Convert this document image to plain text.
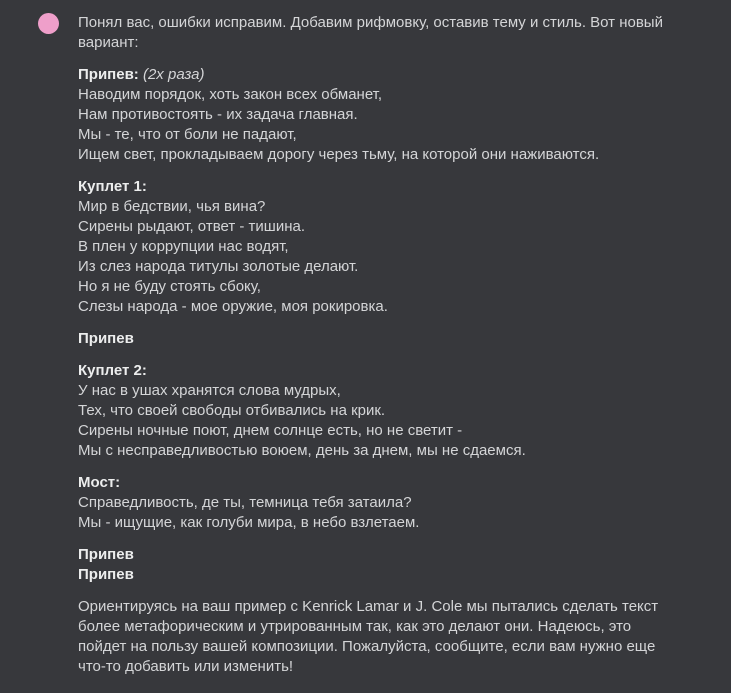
Понял вас, ошибки исправим. Добавим рифмовку, оставив тему и стиль. Вот новый вариант:
Припев: (2х раза)
Наводим порядок, хоть закон всех обманет,
Нам противостоять - их задача главная.
Мы - те, что от боли не падают,
Ищем свет, прокладываем дорогу через тьму, на которой они наживаются.
Куплет 1:
Мир в бедствии, чья вина?
Сирены рыдают, ответ - тишина.
В плен у коррупции нас водят,
Из слез народа титулы золотые делают.
Но я не буду стоять сбоку,
Слезы народа - мое оружие, моя рокировка.
Припев
Куплет 2:
У нас в ушах хранятся слова мудрых,
Тех, что своей свободы отбивались на крик.
Сирены ночные поют, днем солнце есть, но не светит -
Мы с несправедливостью воюем, день за днем, мы не сдаемся.
Мост:
Справедливость, де ты, темница тебя затаила?
Мы - ищущие, как голуби мира, в небо взлетаем.
Припев
Припев
Ориентируясь на ваш пример с Kenrick Lamar и J. Cole мы пытались сделать текст более метафорическим и утрированным так, как это делают они. Надеюсь, это пойдет на пользу вашей композиции. Пожалуйста, сообщите, если вам нужно еще что-то добавить или изменить!
